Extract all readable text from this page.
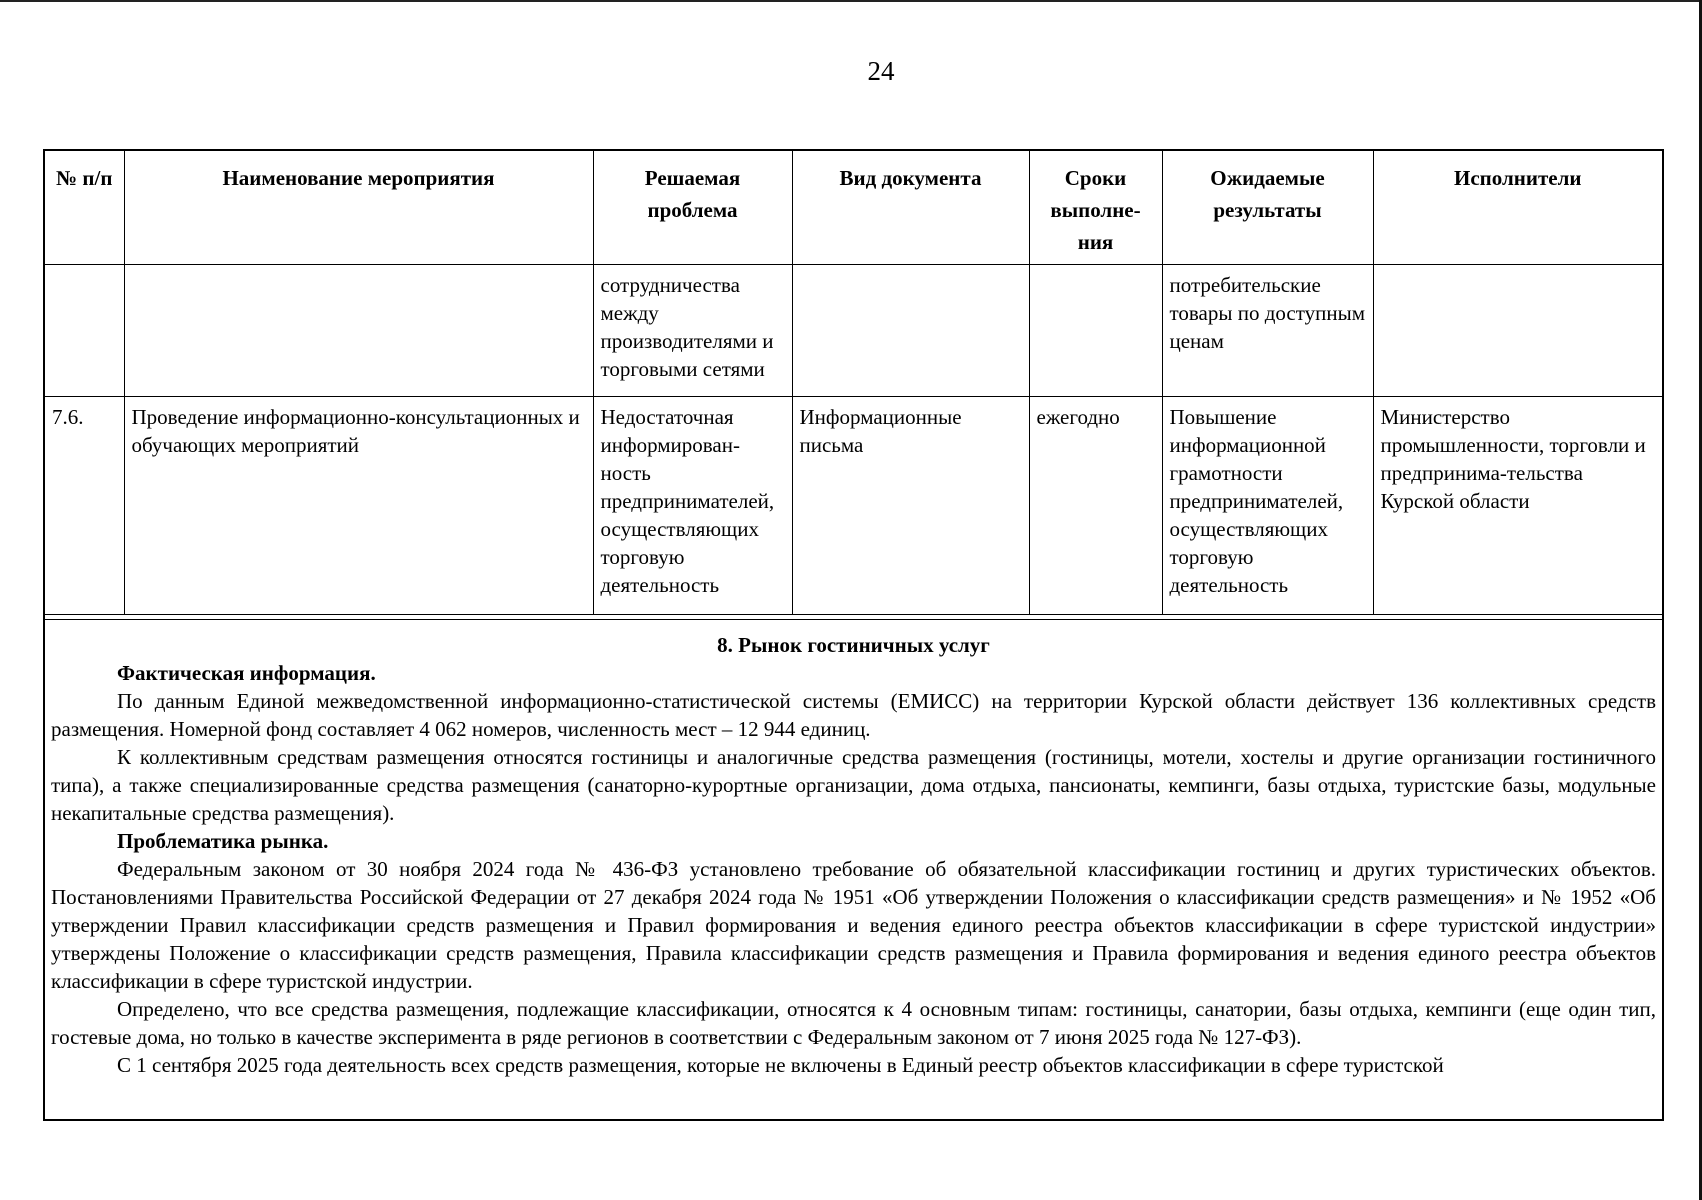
24
№ п/п	Наименование мероприятия	Решаемая проблема	Вид документа	Сроки выполне-ния	Ожидаемые результаты	Исполнители
		сотрудничества между производителями и торговыми сетями			потребительские товары по доступным ценам	
7.6.	Проведение информационно-консультационных и обучающих мероприятий	Недостаточная информирован-ность предпринимателей, осуществляющих торговую деятельность	Информационные письма	ежегодно	Повышение информационной грамотности предпринимателей, осуществляющих торговую деятельность	Министерство промышленности, торговли и предпринима-тельства Курской области

8. Рынок гостиничных услуг

Фактическая информация.

По данным Единой межведомственной информационно-статистической системы (ЕМИСС) на территории Курской области действует 136 коллективных средств размещения. Номерной фонд составляет 4 062 номеров, численность мест – 12 944 единиц.

К коллективным средствам размещения относятся гостиницы и аналогичные средства размещения (гостиницы, мотели, хостелы и другие организации гостиничного типа), а также специализированные средства размещения (санаторно-курортные организации, дома отдыха, пансионаты, кемпинги, базы отдыха, туристские базы, модульные некапитальные средства размещения).

Проблематика рынка.

Федеральным законом от 30 ноября 2024 года № 436-ФЗ установлено требование об обязательной классификации гостиниц и других туристических объектов. Постановлениями Правительства Российской Федерации от 27 декабря 2024 года № 1951 «Об утверждении Положения о классификации средств размещения» и № 1952 «Об утверждении Правил классификации средств размещения и Правил формирования и ведения единого реестра объектов классификации в сфере туристской индустрии» утверждены Положение о классификации средств размещения, Правила классификации средств размещения и Правила формирования и ведения единого реестра объектов классификации в сфере туристской индустрии.

Определено, что все средства размещения, подлежащие классификации, относятся к 4 основным типам: гостиницы, санатории, базы отдыха, кемпинги (еще один тип, гостевые дома, но только в качестве эксперимента в ряде регионов в соответствии с Федеральным законом от 7 июня 2025 года № 127-ФЗ).

С 1 сентября 2025 года деятельность всех средств размещения, которые не включены в Единый реестр объектов классификации в сфере туристской
